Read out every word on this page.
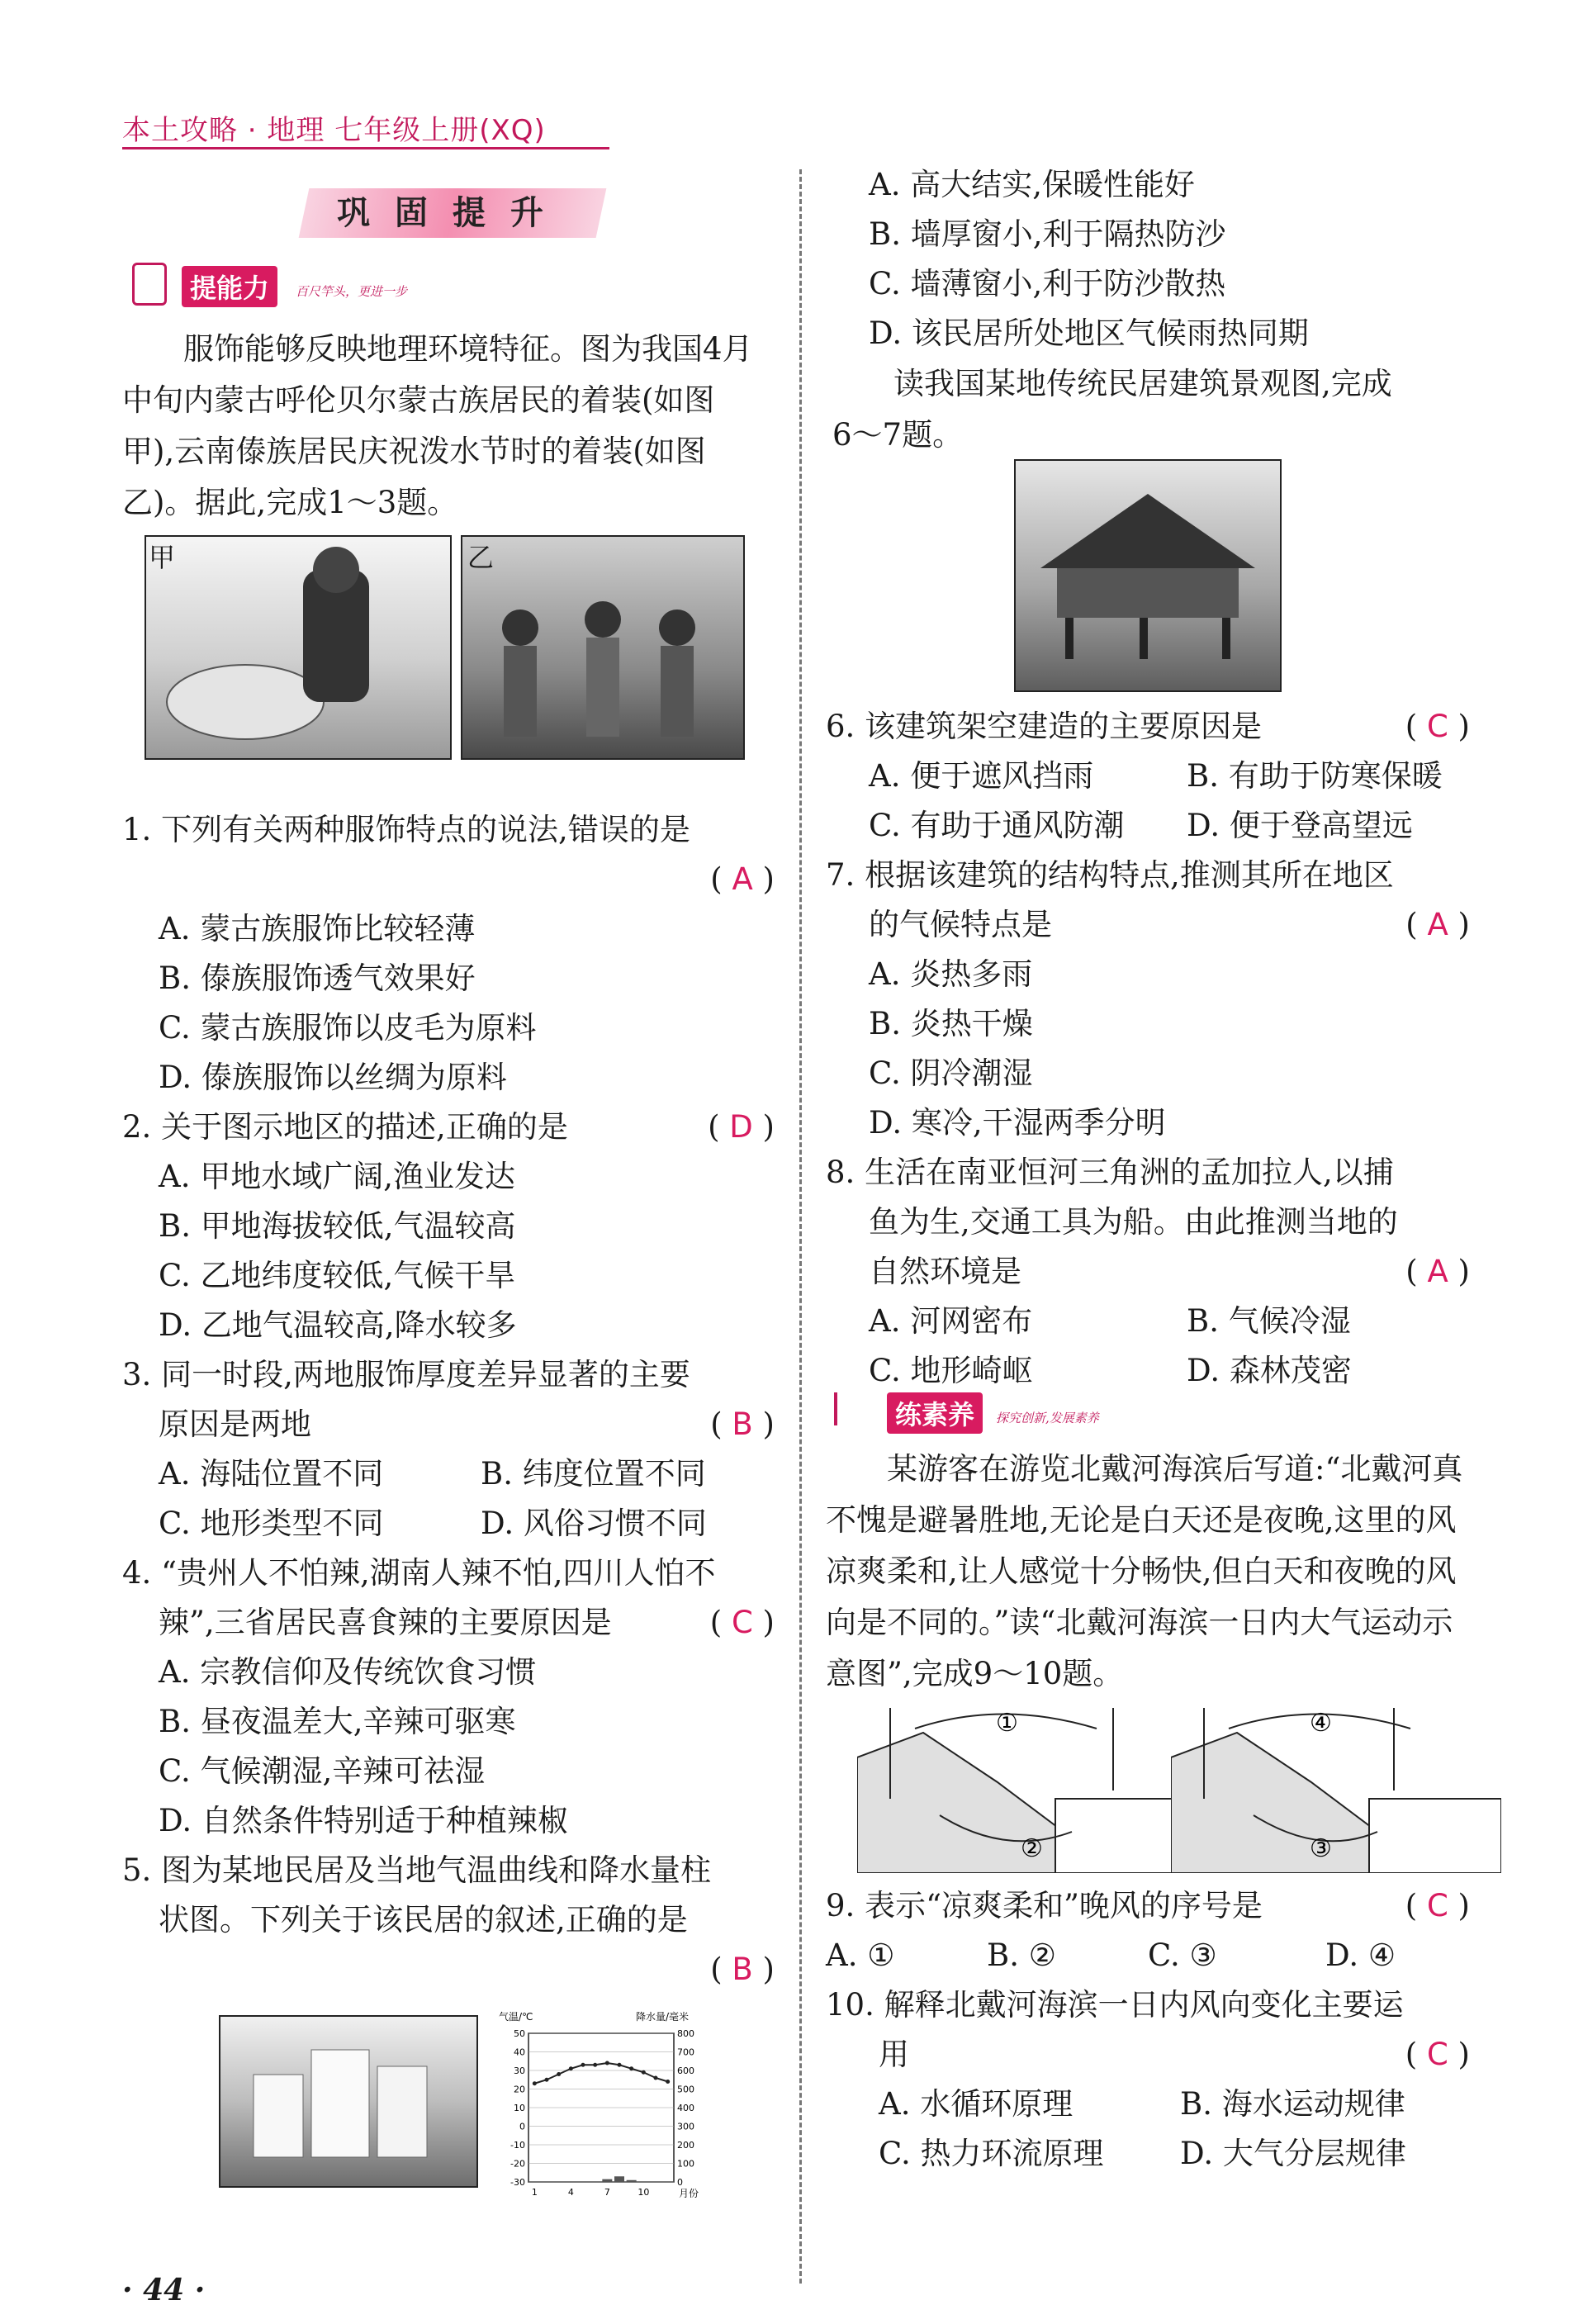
本土攻略 · 地理 七年级上册(XQ)
巩固提升
提能力	百尺竿头，更进一步
服饰能够反映地理环境特征。图为我国4月中旬内蒙古呼伦贝尔蒙古族居民的着装(如图甲),云南傣族居民庆祝泼水节时的着装(如图乙)。据此,完成1～3题。
甲	乙
1. 下列有关两种服饰特点的说法,错误的是
( A )
A. 蒙古族服饰比较轻薄
B. 傣族服饰透气效果好
C. 蒙古族服饰以皮毛为原料
D. 傣族服饰以丝绸为原料
2. 关于图示地区的描述,正确的是	( D )
A. 甲地水域广阔,渔业发达
B. 甲地海拔较低,气温较高
C. 乙地纬度较低,气候干旱
D. 乙地气温较高,降水较多
3. 同一时段,两地服饰厚度差异显著的主要
原因是两地	( B )
A. 海陆位置不同	B. 纬度位置不同
C. 地形类型不同	D. 风俗习惯不同
4. “贵州人不怕辣,湖南人辣不怕,四川人怕不
辣”,三省居民喜食辣的主要原因是	( C )
A. 宗教信仰及传统饮食习惯
B. 昼夜温差大,辛辣可驱寒
C. 气候潮湿,辛辣可祛湿
D. 自然条件特别适于种植辣椒
5. 图为某地民居及当地气温曲线和降水量柱
状图。下列关于该民居的叙述,正确的是
( B )
气温/℃	降水量/毫米
50
40
30
20
10
0
-10
-20
-30
800
700
600
500
400
300
200
100
0
1	4	7	10	月份
A. 高大结实,保暖性能好
B. 墙厚窗小,利于隔热防沙
C. 墙薄窗小,利于防沙散热
D. 该民居所处地区气候雨热同期
读我国某地传统民居建筑景观图,完成
6～7题。
6. 该建筑架空建造的主要原因是	( C )
A. 便于遮风挡雨	B. 有助于防寒保暖
C. 有助于通风防潮 D. 便于登高望远
7. 根据该建筑的结构特点,推测其所在地区
的气候特点是	( A )
A. 炎热多雨
B. 炎热干燥
C. 阴冷潮湿
D. 寒冷,干湿两季分明
8. 生活在南亚恒河三角洲的孟加拉人,以捕
鱼为生,交通工具为船。由此推测当地的
自然环境是	( A )
A. 河网密布	B. 气候冷湿
C. 地形崎岖	D. 森林茂密
练素养	探究创新,发展素养
某游客在游览北戴河海滨后写道:“北戴河真不愧是避暑胜地,无论是白天还是夜晚,这里的风凉爽柔和,让人感觉十分畅快,但白天和夜晚的风向是不同的。”读“北戴河海滨一日内大气运动示意图”,完成9～10题。
①
②
④
③
9. 表示“凉爽柔和”晚风的序号是	( C )
A. ①	B. ②	C. ③	D. ④
10. 解释北戴河海滨一日内风向变化主要运
用	( C )
A. 水循环原理	B. 海水运动规律
C. 热力环流原理 D. 大气分层规律
· 44 ·
